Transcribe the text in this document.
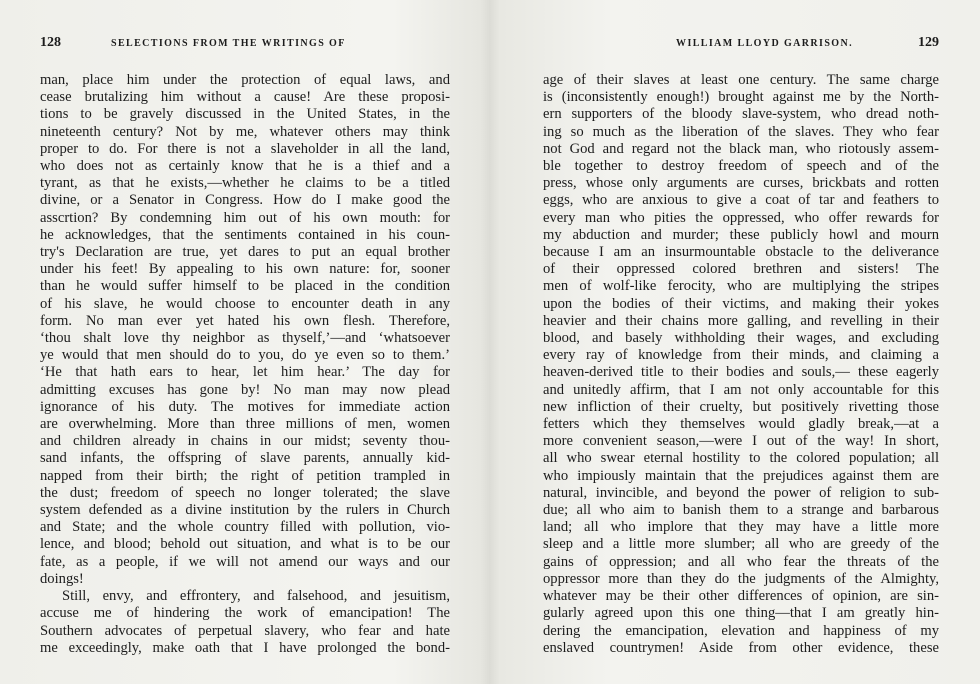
128	SELECTIONS FROM THE WRITINGS OF
man, place him under the protection of equal laws, and
cease brutalizing him without a cause! Are these proposi-
tions to be gravely discussed in the United States, in the
nineteenth century? Not by me, whatever others may think
proper to do. For there is not a slaveholder in all the land,
who does not as certainly know that he is a thief and a
tyrant, as that he exists,—whether he claims to be a titled
divine, or a Senator in Congress. How do I make good the
asscrtion? By condemning him out of his own mouth: for
he acknowledges, that the sentiments contained in his coun-
try's Declaration are true, yet dares to put an equal brother
under his feet! By appealing to his own nature: for, sooner
than he would suffer himself to be placed in the condition
of his slave, he would choose to encounter death in any
form. No man ever yet hated his own flesh. Therefore,
‘thou shalt love thy neighbor as thyself,’—and ‘whatsoever
ye would that men should do to you, do ye even so to them.’
‘He that hath ears to hear, let him hear.’ The day for
admitting excuses has gone by! No man may now plead
ignorance of his duty. The motives for immediate action
are overwhelming. More than three millions of men, women
and children already in chains in our midst; seventy thou-
sand infants, the offspring of slave parents, annually kid-
napped from their birth; the right of petition trampled in
the dust; freedom of speech no longer tolerated; the slave
system defended as a divine institution by the rulers in Church
and State; and the whole country filled with pollution, vio-
lence, and blood; behold out situation, and what is to be our
fate, as a people, if we will not amend our ways and our
doings!
Still, envy, and effrontery, and falsehood, and jesuitism,
accuse me of hindering the work of emancipation! The
Southern advocates of perpetual slavery, who fear and hate
me exceedingly, make oath that I have prolonged the bond-
WILLIAM LLOYD GARRISON.	129
age of their slaves at least one century. The same charge
is (inconsistently enough!) brought against me by the North-
ern supporters of the bloody slave-system, who dread noth-
ing so much as the liberation of the slaves. They who fear
not God and regard not the black man, who riotously assem-
ble together to destroy freedom of speech and of the
press, whose only arguments are curses, brickbats and rotten
eggs, who are anxious to give a coat of tar and feathers to
every man who pities the oppressed, who offer rewards for
my abduction and murder; these publicly howl and mourn
because I am an insurmountable obstacle to the deliverance
of their oppressed colored brethren and sisters! The
men of wolf-like ferocity, who are multiplying the stripes
upon the bodies of their victims, and making their yokes
heavier and their chains more galling, and revelling in their
blood, and basely withholding their wages, and excluding
every ray of knowledge from their minds, and claiming a
heaven-derived title to their bodies and souls,— these eagerly
and unitedly affirm, that I am not only accountable for this
new infliction of their cruelty, but positively rivetting those
fetters which they themselves would gladly break,—at a
more convenient season,—were I out of the way! In short,
all who swear eternal hostility to the colored population; all
who impiously maintain that the prejudices against them are
natural, invincible, and beyond the power of religion to sub-
due; all who aim to banish them to a strange and barbarous
land; all who implore that they may have a little more
sleep and a little more slumber; all who are greedy of the
gains of oppression; and all who fear the threats of the
oppressor more than they do the judgments of the Almighty,
whatever may be their other differences of opinion, are sin-
gularly agreed upon this one thing—that I am greatly hin-
dering the emancipation, elevation and happiness of my
enslaved countrymen! Aside from other evidence, these
